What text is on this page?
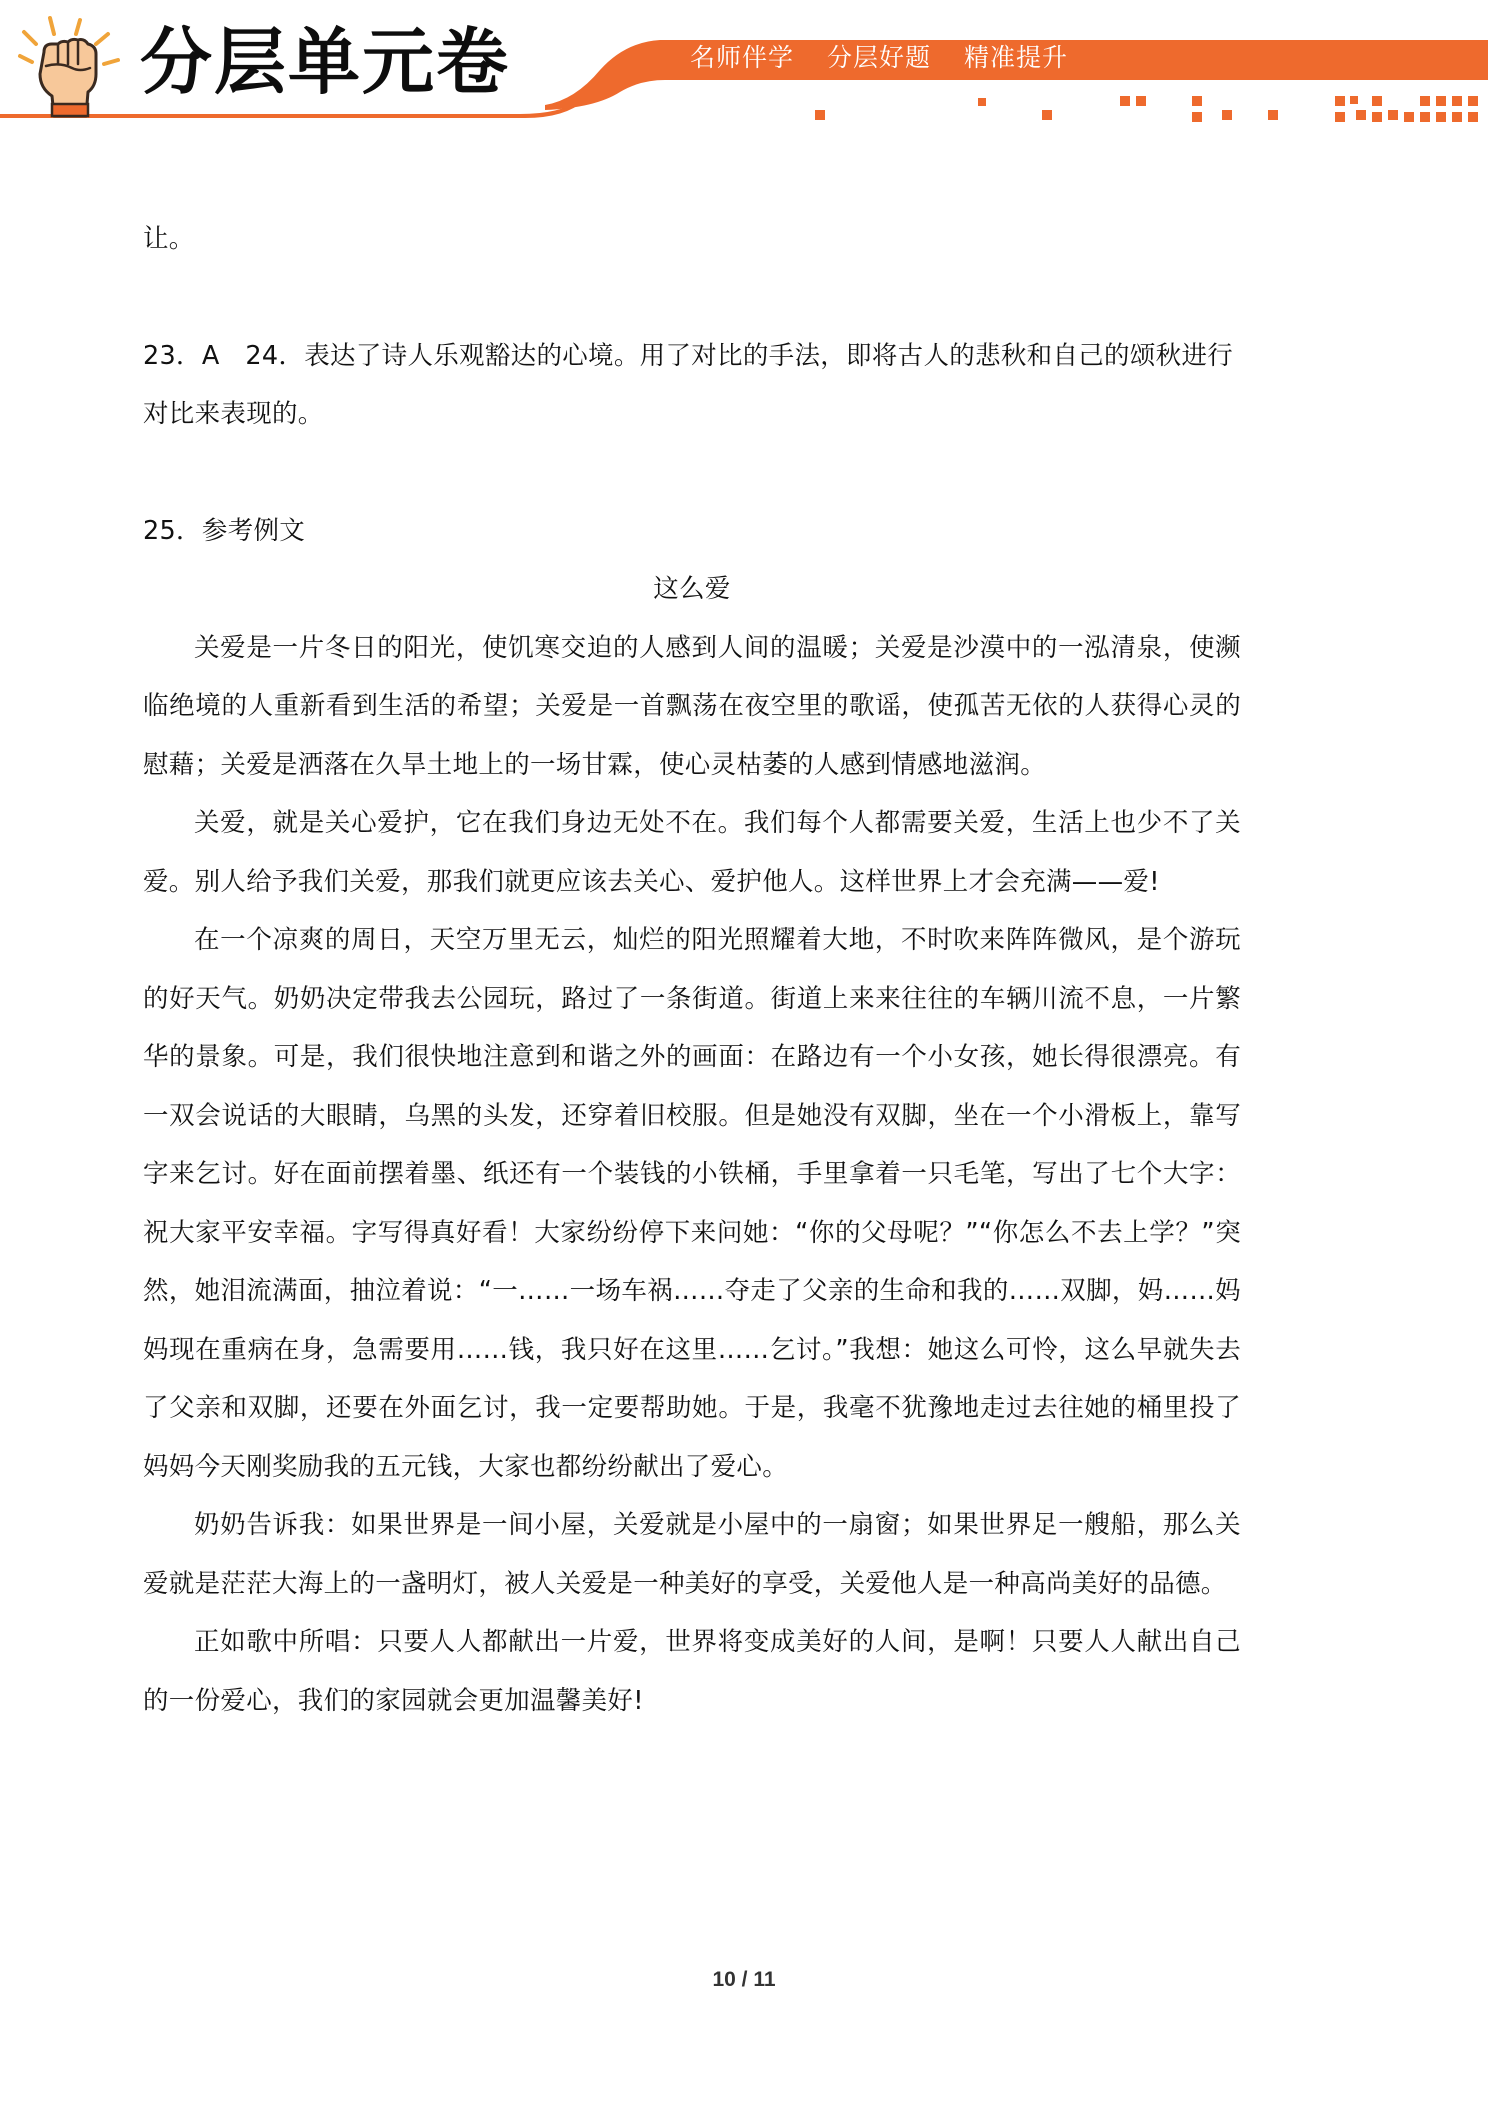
分层单元卷	名师伴学 分层好题 精准提升

让。

23．A　24．表达了诗人乐观豁达的心境。用了对比的手法，即将古人的悲秋和自己的颂秋进行

对比来表现的。

25．参考例文

这么爱

关爱是一片冬日的阳光，使饥寒交迫的人感到人间的温暖；关爱是沙漠中的一泓清泉，使濒临绝境的人重新看到生活的希望；关爱是一首飘荡在夜空里的歌谣，使孤苦无依的人获得心灵的慰藉；关爱是洒落在久旱土地上的一场甘霖，使心灵枯萎的人感到情感地滋润。

关爱，就是关心爱护，它在我们身边无处不在。我们每个人都需要关爱，生活上也少不了关爱。别人给予我们关爱，那我们就更应该去关心、爱护他人。这样世界上才会充满——爱!

在一个凉爽的周日，天空万里无云，灿烂的阳光照耀着大地，不时吹来阵阵微风，是个游玩的好天气。奶奶决定带我去公园玩，路过了一条街道。街道上来来往往的车辆川流不息，一片繁华的景象。可是，我们很快地注意到和谐之外的画面：在路边有一个小女孩，她长得很漂亮。有一双会说话的大眼睛，乌黑的头发，还穿着旧校服。但是她没有双脚，坐在一个小滑板上，靠写字来乞讨。好在面前摆着墨、纸还有一个装钱的小铁桶，手里拿着一只毛笔，写出了七个大字：祝大家平安幸福。字写得真好看！大家纷纷停下来问她：“你的父母呢？”“你怎么不去上学？”突然，她泪流满面，抽泣着说：“一……一场车祸……夺走了父亲的生命和我的……双脚，妈……妈妈现在重病在身，急需要用……钱，我只好在这里……乞讨。”我想：她这么可怜，这么早就失去了父亲和双脚，还要在外面乞讨，我一定要帮助她。于是，我毫不犹豫地走过去往她的桶里投了妈妈今天刚奖励我的五元钱，大家也都纷纷献出了爱心。

奶奶告诉我：如果世界是一间小屋，关爱就是小屋中的一扇窗；如果世界足一艘船，那么关爱就是茫茫大海上的一盏明灯，被人关爱是一种美好的享受，关爱他人是一种高尚美好的品德。

正如歌中所唱：只要人人都献出一片爱，世界将变成美好的人间，是啊！只要人人献出自己的一份爱心，我们的家园就会更加温馨美好!

10 / 11
